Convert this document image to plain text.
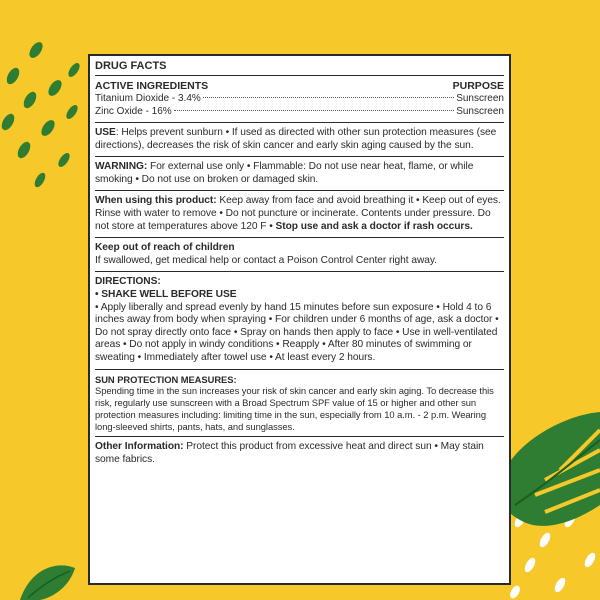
DRUG FACTS
ACTIVE INGREDIENTS	PURPOSE
Titanium Dioxide - 3.4%	Sunscreen
Zinc Oxide - 16%	Sunscreen

USE: Helps prevent sunburn • If used as directed with other sun protection measures (see directions), decreases the risk of skin cancer and early skin aging caused by the sun.

WARNING: For external use only • Flammable: Do not use near heat, flame, or while smoking • Do not use on broken or damaged skin.

When using this product: Keep away from face and avoid breathing it • Keep out of eyes. Rinse with water to remove • Do not puncture or incinerate. Contents under pressure. Do not store at temperatures above 120 F • Stop use and ask a doctor if rash occurs.

Keep out of reach of children

If swallowed, get medical help or contact a Poison Control Center right away.

DIRECTIONS:

• SHAKE WELL BEFORE USE

• Apply liberally and spread evenly by hand 15 minutes before sun exposure • Hold 4 to 6 inches away from body when spraying • For children under 6 months of age, ask a doctor • Do not spray directly onto face • Spray on hands then apply to face • Use in well-ventilated areas • Do not apply in windy conditions • Reapply • After 80 minutes of swimming or sweating • Immediately after towel use • At least every 2 hours.

SUN PROTECTION MEASURES:

Spending time in the sun increases your risk of skin cancer and early skin aging. To decrease this risk, regularly use sunscreen with a Broad Spectrum SPF value of 15 or higher and other sun protection measures including: limiting time in the sun, especially from 10 a.m. - 2 p.m. Wearing long-sleeved shirts, pants, hats, and sunglasses.

Other Information: Protect this product from excessive heat and direct sun • May stain some fabrics.
